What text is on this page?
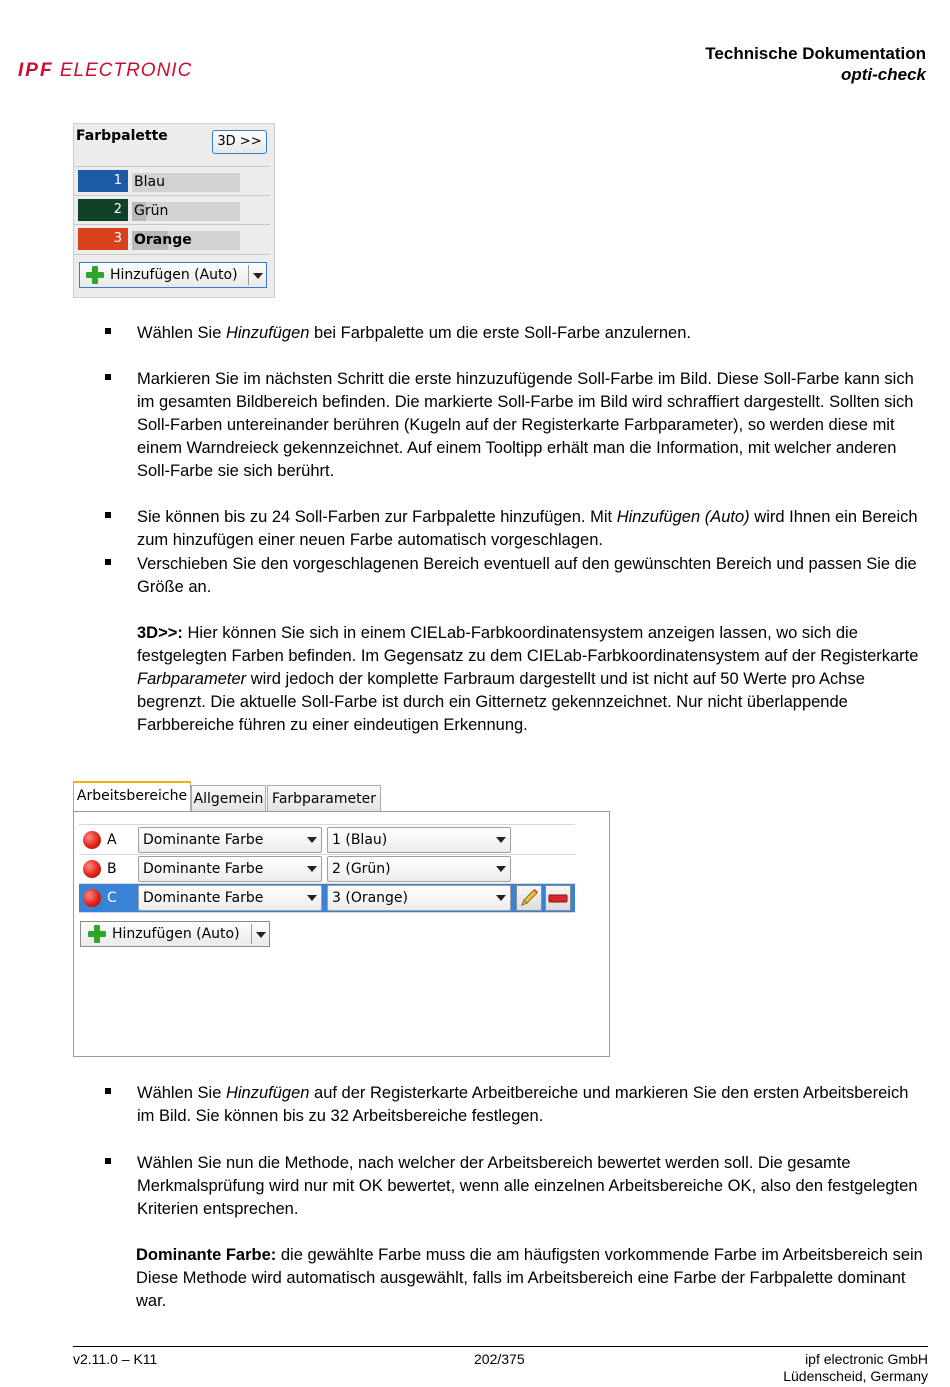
IPF ELECTRONIC
Technische Dokumentation
opti-check
Farbpalette	3D >>
1 Blau
2 Grün
3 Orange
Hinzufügen (Auto)
Wählen Sie Hinzufügen bei Farbpalette um die erste Soll-Farbe anzulernen.
Markieren Sie im nächsten Schritt die erste hinzuzufügende Soll-Farbe im Bild. Diese Soll-Farbe kann sich im gesamten Bildbereich befinden. Die markierte Soll-Farbe im Bild wird schraffiert dargestellt. Sollten sich Soll-Farben untereinander berühren (Kugeln auf der Registerkarte Farbparameter), so werden diese mit einem Warndreieck gekennzeichnet. Auf einem Tooltipp erhält man die Information, mit welcher anderen Soll-Farbe sie sich berührt.
Sie können bis zu 24 Soll-Farben zur Farbpalette hinzufügen. Mit Hinzufügen (Auto) wird Ihnen ein Bereich zum hinzufügen einer neuen Farbe automatisch vorgeschlagen.
Verschieben Sie den vorgeschlagenen Bereich eventuell auf den gewünschten Bereich und passen Sie die Größe an.
3D>>: Hier können Sie sich in einem CIELab-Farbkoordinatensystem anzeigen lassen, wo sich die festgelegten Farben befinden. Im Gegensatz zu dem CIELab-Farbkoordinatensystem auf der Registerkarte Farbparameter wird jedoch der komplette Farbraum dargestellt und ist nicht auf 50 Werte pro Achse begrenzt. Die aktuelle Soll-Farbe ist durch ein Gitternetz gekennzeichnet. Nur nicht überlappende Farbbereiche führen zu einer eindeutigen Erkennung.
Arbeitsbereiche Allgemein Farbparameter
A	Dominante Farbe	1 (Blau)
B	Dominante Farbe	2 (Grün)
C	Dominante Farbe	3 (Orange)
Hinzufügen (Auto)
Wählen Sie Hinzufügen auf der Registerkarte Arbeitbereiche und markieren Sie den ersten Arbeitsbereich im Bild. Sie können bis zu 32 Arbeitsbereiche festlegen.
Wählen Sie nun die Methode, nach welcher der Arbeitsbereich bewertet werden soll. Die gesamte Merkmalsprüfung wird nur mit OK bewertet, wenn alle einzelnen Arbeitsbereiche OK, also den festgelegten Kriterien entsprechen.
Dominante Farbe: die gewählte Farbe muss die am häufigsten vorkommende Farbe im Arbeitsbereich sein Diese Methode wird automatisch ausgewählt, falls im Arbeitsbereich eine Farbe der Farbpalette dominant war.
v2.11.0 – K11	202/375	ipf electronic GmbH
Lüdenscheid, Germany
